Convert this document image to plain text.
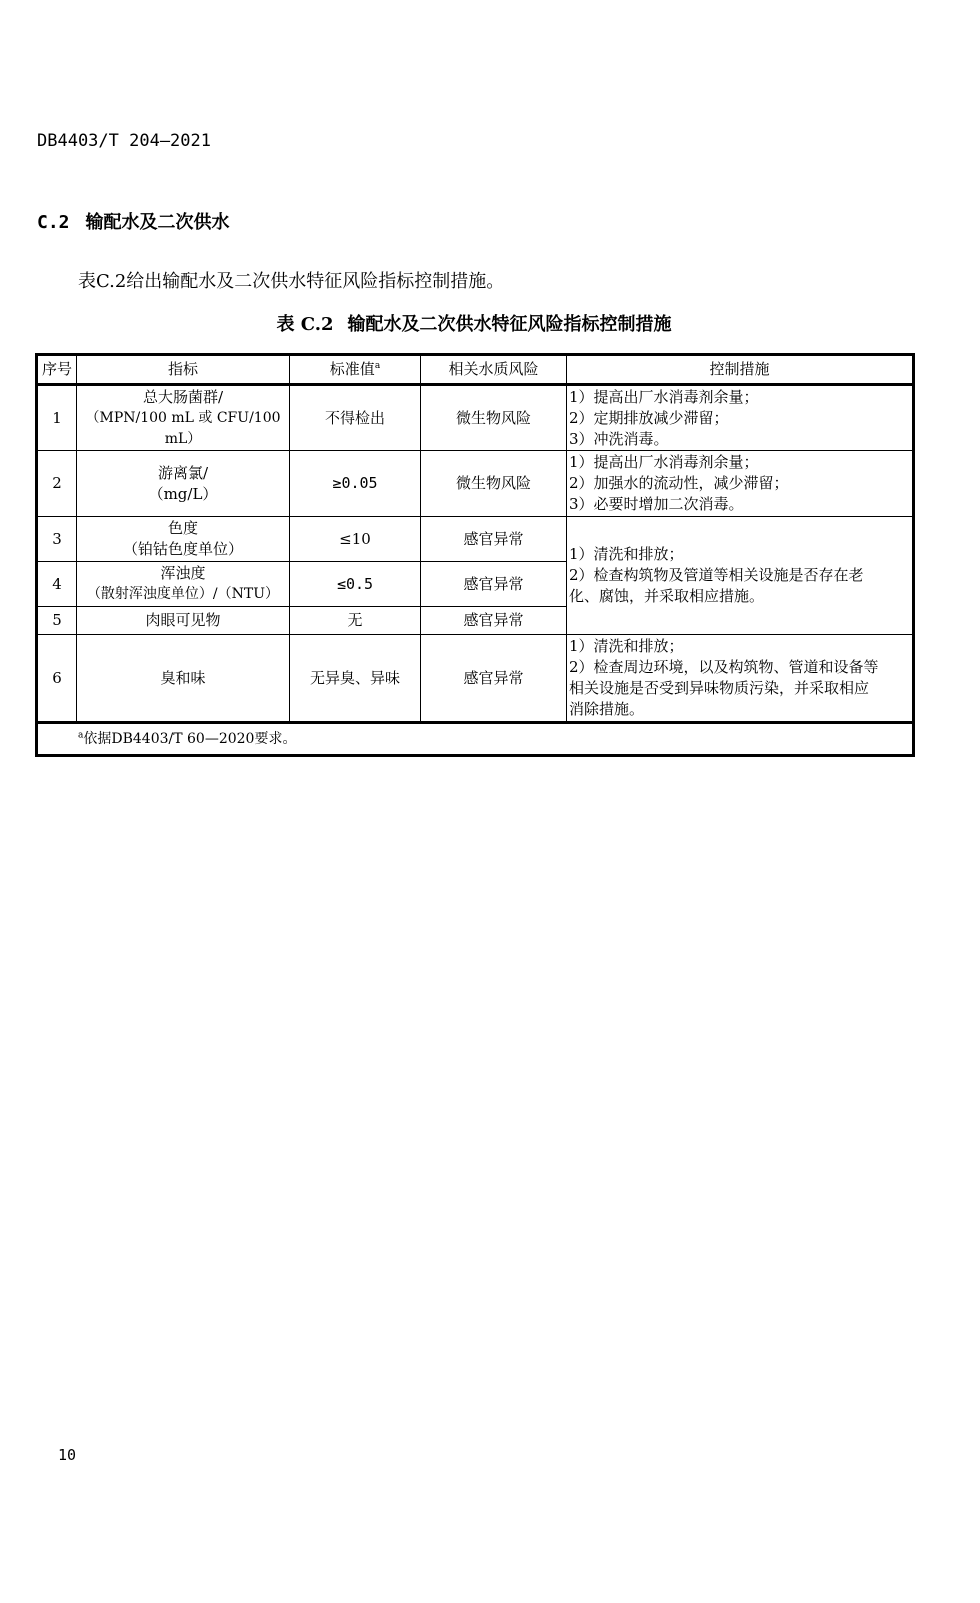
DB4403/T 204—2021
C.2 输配水及二次供水
表C.2给出输配水及二次供水特征风险指标控制措施。
表 C.2 输配水及二次供水特征风险指标控制措施
序号	指标	标准值$^a$	相关水质风险	控制措施
1	总大肠菌群/
（MPN/100 mL 或 CFU/100 mL）	不得检出	微生物风险	1）提高出厂水消毒剂余量；
2）定期排放减少滞留；
3）冲洗消毒。

2	游离氯/
（mg/L）	≥0.05	微生物风险	1）提高出厂水消毒剂余量；
2）加强水的流动性，减少滞留；
3）必要时增加二次消毒。

3	色度
（铂钴色度单位）	≤10	感官异常	1）清洗和排放；
2）检查构筑物及管道等相关设施是否存在老
化、腐蚀，并采取相应措施。

4	浑浊度
（散射浑浊度单位）/（NTU）	≤0.5	感官异常	
5	肉眼可见物	无	感官异常	
6	臭和味	无异臭、异味	感官异常	1）清洗和排放；
2）检查周边环境，以及构筑物、管道和设备等
相关设施是否受到异味物质污染，并采取相应
消除措施。

$^a$依据DB4403/T 60—2020要求。				
10
